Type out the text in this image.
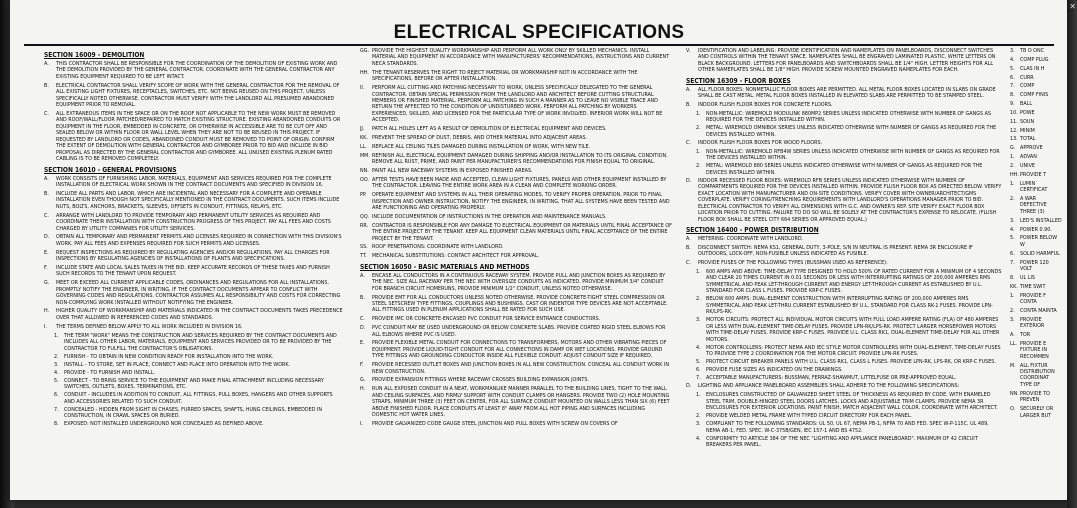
ELECTRICAL SPECIFICATIONS
SECTION 16009 - DEMOLITION
A.	THIS CONTRACTOR SHALL BE RESPONSIBLE FOR THE COORDINATION OF THE DEMOLITION OF EXISTING WORK AND THE DEMOLITION PROVIDED BY THE GENERAL CONTRACTOR. COORDINATE WITH THE GENERAL CONTRACTOR ANY EXISTING EQUIPMENT REQUIRED TO BE LEFT INTACT.
B.	ELECTRICAL CONTRACTOR SHALL VERIFY SCOPE OF WORK WITH THE GENERAL CONTRACTOR FOR THE REMOVAL OF ALL EXISTING LIGHT FIXTURES, RECEPTACLES, SWITCHES, ETC. NOT BEING REUSED ON THIS PROJECT, UNLESS SPECIFICALLY NOTED OTHERWISE. CONTRACTOR MUST VERIFY WITH THE LANDLORD ALL PRESUMED ABANDONED EQUIPMENT PRIOR TO REMOVAL.
C.	ALL EXTRANEOUS ITEMS IN THE SPACE OR ON THE ROOF NOT APPLICABLE TO THE NEW WORK MUST BE REMOVED AND ROOF/WALL/FLOOR PATCHED/REPAIRED TO MATCH EXISTING STRUCTURE. EXISTING ABANDONED CONDUITS OR EQUIPMENT IN THE FLOOR, EMBEDDED IN CONCRETE, OR OTHERWISE IN ACCESSIBLE ARE TO BE CUT OFF AND SEALED BELOW OR WITHIN FLOOR OR WALL LEVEL WHEN THEY ARE NOT TO BE REUSED IN THIS PROJECT. IF REQUESTED BY LANDLORD OR CODES, ABANDONED CONDUIT MUST BE REMOVED TO POINT OF ORIGIN. CONFIRM THE EXTENT OF DEMOLITION WITH GENERAL CONTRACTOR AND GYMBOREE PRIOR TO BID AND INCLUDE IN BID PROPOSAL AS DIRECTED BY THE GENERAL CONTRACTOR AND GYMBOREE. ALL UNUSED EXISTING PLENUM RATED CABLING IS TO BE REMOVED COMPLETELY.
SECTION 16010 - GENERAL PROVISIONS
A.	WORK CONSISTS OF FURNISHING LABOR, MATERIALS, EQUIPMENT AND SERVICES REQUIRED FOR THE COMPLETE INSTALLATION OF ELECTRICAL WORK SHOWN IN THE CONTRACT DOCUMENTS AND SPECIFIED IN DIVISION 16.
B.	INCLUDE ALL PARTS AND LABOR, WHICH ARE INCIDENTAL AND NECESSARY FOR A COMPLETE AND OPERABLE INSTALLATION EVEN THOUGH NOT SPECIFICALLY MENTIONED IN THE CONTRACT DOCUMENTS. SUCH ITEMS INCLUDE NUTS, BOLTS, ANCHORS, BRACKETS, SLEEVES, OFFSETS IN CONDUIT, FITTINGS, RELAYS, ETC.
C.	ARRANGE WITH LANDLORD TO PROVIDE TEMPORARY AND PERMANENT UTILITY SERVICES AS REQUIRED AND COORDINATE THEIR INSTALLATION WITH CONSTRUCTION PROGRESS OF THIS PROJECT. PAY ALL FEES AND COSTS CHARGED BY UTILITY COMPANIES FOR UTILITY SERVICES.
D.	OBTAIN ALL TEMPORARY AND PERMANENT PERMITS AND LICENSES REQUIRED IN CONNECTION WITH THIS DIVISION'S WORK. PAY ALL FEES AND EXPENSES REQUIRED FOR SUCH PERMITS AND LICENSES.
E.	REQUEST INSPECTIONS AS REQUIRED BY REGULATING AGENCIES AND/OR REGULATIONS. PAY ALL CHARGES FOR INSPECTIONS BY REGULATING AGENCIES OF INSTALLATIONS OF PLANTS AND SPECIFICATIONS.
F.	INCLUDE STATE AND LOCAL SALES TAXES IN THE BID. KEEP ACCURATE RECORDS OF THESE TAXES AND FURNISH SUCH RECORDS TO THE TENANT UPON REQUEST.
G.	MEET OR EXCEED ALL CURRENT APPLICABLE CODES, ORDINANCES AND REGULATIONS FOR ALL INSTALLATIONS. PROMPTLY NOTIFY THE ENGINEER, IN WRITING, IF THE CONTRACT DOCUMENTS APPEAR TO CONFLICT WITH GOVERNING CODES AND REGULATIONS. CONTRACTOR ASSUMES ALL RESPONSIBILITY AND COSTS FOR CORRECTING NON-COMPLYING WORK INSTALLED WITHOUT NOTIFYING THE ENGINEER.
H.	HIGHER QUALITY OF WORKMANSHIP AND MATERIALS INDICATED IN THE CONTRACT DOCUMENTS TAKES PRECEDENCE OVER THAT ALLOWED IN REFERENCED CODES AND STANDARDS.
I.	THE TERMS DEFINED BELOW APPLY TO ALL WORK INCLUDED IN DIVISION 16.
1. THE TERM "WORK" MEANS THE CONSTRUCTION AND SERVICES REQUIRED BY THE CONTRACT DOCUMENTS AND INCLUDES ALL OTHER LABOR, MATERIALS, EQUIPMENT AND SERVICES PROVIDED OR TO BE PROVIDED BY THE CONTRACTOR TO FULFILL THE CONTRACTOR'S OBLIGATIONS.
2. FURNISH - TO OBTAIN IN NEW CONDITION READY FOR INSTALLATION INTO THE WORK.
3. INSTALL - TO STORE, SET IN PLACE, CONNECT AND PLACE INTO OPERATION INTO THE WORK.
4. PROVIDE - TO FURNISH AND INSTALL.
5. CONNECT - TO BRING SERVICE TO THE EQUIPMENT AND MAKE FINAL ATTACHMENT INCLUDING NECESSARY SWITCHES, OUTLETS, BOXES, TERMINATIONS, ETC.
6. CONDUIT - INCLUDES IN ADDITION TO CONDUIT, ALL FITTINGS, PULL BOXES, HANGERS AND OTHER SUPPORTS AND ACCESSORIES RELATED TO SUCH CONDUIT.
7. CONCEALED - HIDDEN FROM SIGHT IN CHASES, FURRED SPACES, SHAFTS, HUNG CEILINGS, EMBEDDED IN CONSTRUCTION, IN CRAWL SPACES OR BURIED.
8. EXPOSED: NOT INSTALLED UNDERGROUND NOR CONCEALED AS DEFINED ABOVE.
GG. PROVIDE THE HIGHEST QUALITY WORKMANSHIP AND PERFORM ALL WORK ONLY BY SKILLED MECHANICS. INSTALL MATERIAL AND EQUIPMENT IN ACCORDANCE WITH MANUFACTURERS' RECOMMENDATIONS, INSTRUCTIONS AND CURRENT NECA STANDARDS.
HH. THE TENANT RESERVES THE RIGHT TO REJECT MATERIAL OR WORKMANSHIP NOT IN ACCORDANCE WITH THE SPECIFICATIONS, BEFORE OR AFTER INSTALLATION.
II.	PERFORM ALL CUTTING AND PATCHING NECESSARY TO WORK, UNLESS SPECIFICALLY DELEGATED TO THE GENERAL CONTRACTOR. OBTAIN SPECIAL PERMISSION FROM THE LANDLORD AND ARCHITECT BEFORE CUTTING STRUCTURAL MEMBERS OR FINISHED MATERIAL. PERFORM ALL PATCHING IN SUCH A MANNER AS TO LEAVE NO VISIBLE TRACE AND RETURN THE AFFECTED TO THE CONDITION OF UNDISTURBED WORK. PERFORM ALL PATCHING BY WORKERS EXPERIENCED, SKILLED, AND LICENSED FOR THE PARTICULAR TYPE OF WORK INVOLVED. INFERIOR WORK WILL NOT BE ACCEPTED.
JJ.	PATCH ALL HOLES LEFT AS A RESULT OF DEMOLITION OF ELECTRICAL EQUIPMENT AND DEVICES.
KK. PREVENT THE SPREAD OF DUST, DEBRIS, AND OTHER MATERIAL INTO ADJACENT AREAS.
LL. REPLACE ALL CEILING TILES DAMAGED DURING INSTALLATION OF WORK, WITH NEW TILE.
MM. REFINISH ALL ELECTRICAL EQUIPMENT DAMAGED DURING SHIPPING AND/OR INSTALLATION TO ITS ORIGINAL CONDITION. REMOVE ALL RUST, PRIME, AND PAINT PER MANUFACTURER'S RECOMMENDATIONS FOR FINISH EQUAL TO ORIGINAL.
NN. PAINT ALL NEW RACEWAY SYSTEMS IN EXPOSED FINISHED AREAS.
OO. AFTER TESTS HAVE BEEN MADE AND ACCEPTED, CLEAN LIGHT FIXTURES, PANELS AND OTHER EQUIPMENT INSTALLED BY THE CONTRACTOR. LEAVING THE ENTIRE WORK AREA IN A CLEAN AND COMPLETE WORKING ORDER.
PP.	OPERATE EQUIPMENT AND SYSTEMS IN ALL THEIR OPERATING MODES, TO VERIFY PROPER OPERATION. PRIOR TO FINAL INSPECTION AND OWNER INSTRUCTION, NOTIFY THE ENGINEER, IN WRITING, THAT ALL SYSTEMS HAVE BEEN TESTED AND ARE FUNCTIONING AND OPERATING PROPERLY.
QQ. INCLUDE DOCUMENTATION OF INSTRUCTIONS IN THE OPERATION AND MAINTENANCE MANUALS.
RR. CONTRACTOR IS RESPONSIBLE FOR ANY DAMAGE TO ELECTRICAL EQUIPMENT OR MATERIALS UNTIL FINAL ACCEPTANCE OF THE ENTIRE PROJECT BY THE TENANT. KEEP ALL EQUIPMENT CLEAN MATERIALS UNTIL FINAL ACCEPTANCE OF THE ENTIRE PROJECT BY THE TENANT.
SS. ROOF PENETRATIONS: COORDINATE WITH LANDLORD.
TT. MECHANICAL SUBSTITUTIONS: CONTACT ARCHITECT FOR APPROVAL.
SECTION 16050 - BASIC MATERIALS AND METHODS
A.	ENCASE ALL CONDUCTORS IN A CONTINUOUS RACEWAY SYSTEM. PROVIDE PULL AND JUNCTION BOXES AS REQUIRED BY THE NEC. SIZE ALL RACEWAY PER THE NEC WITH OVERSIZE CONDUITS AS INDICATED. PROVIDE MINIMUM 3/4" CONDUIT FOR BRANCH CIRCUIT HOMERUNS, PROVIDE MINIMUM 1/2" CONDUIT, UNLESS NOTED OTHERWISE.
B.	PROVIDE EMT FOR ALL CONDUCTORS UNLESS NOTED OTHERWISE. PROVIDE CONCRETE-TIGHT STEEL COMPRESSION OR STEEL SETSCREW TYPE FITTINGS, COUPLINGS AND BUSHINGS. CAST OR INDENTOR TYPE DEVICES ARE NOT ACCEPTABLE. ALL FITTINGS USED IN PLENUM APPLICATIONS SHALL BE RATED FOR SUCH USE.
C.	PROVIDE IMC OR CONCRETE-ENCASED PVC CONDUIT FOR SERVICE ENTRANCE CONDUCTORS.
D.	PVC CONDUIT MAY BE USED UNDERGROUND OR BELOW CONCRETE SLABS. PROVIDE COATED RIGID STEEL ELBOWS FOR ALL ELBOWS WHERE PVC IS USED.
E.	PROVIDE FLEXIBLE METAL CONDUIT FOR CONNECTIONS TO TRANSFORMERS, MOTORS AND OTHER VIBRATING PIECES OF EQUIPMENT. PROVIDE LIQUID-TIGHT CONDUIT FOR ALL CONNECTIONS IN DAMP OR WET LOCATIONS. PROVIDE GROUND TYPE FITTINGS AND GROUNDING CONDUCTOR INSIDE ALL FLEXIBLE CONDUIT. ADJUST CONDUIT SIZE IF REQUIRED.
F.	PROVIDE RECESSED OUTLET BOXES AND JUNCTION BOXES IN ALL NEW CONSTRUCTION. CONCEAL ALL CONDUIT WORK IN NEW CONSTRUCTION.
G.	PROVIDE EXPANSION FITTINGS WHERE RACEWAY CROSSES BUILDING EXPANSION JOINTS.
H.	RUN ALL EXPOSED CONDUIT IN A NEAT, WORKMANLIKE MANNER PARALLEL TO THE BUILDING LINES, TIGHT TO THE WALL AND CEILING SURFACES, AND FIRMLY SUPPORT WITH CONDUIT CLAMPS OR HANGERS. PROVIDE TWO (2) HOLE MOUNTING STRAPS, MINIMUM THREE (3) FEET ON CENTER, FOR ALL SURFACE CONDUIT MOUNTED ON WALLS LESS THAN SIX (6) FEET ABOVE FINISHED FLOOR. PLACE CONDUITS AT LEAST 8" AWAY FROM ALL HOT PIPING AND SURFACES INCLUDING DOMESTIC HOT WATER LINES.
I.	PROVIDE GALVANIZED CODE GAUGE STEEL JUNCTION AND PULL BOXES WITH SCREW ON COVERS OF
V.	IDENTIFICATION AND LABELING: PROVIDE IDENTIFICATION AND NAMEPLATES ON PANELBOARDS, DISCONNECT SWITCHES AND CONTROLS WITHIN THE TENANT SPACE. NAMEPLATES SHALL BE ENGRAVED LAMINATED PLASTIC, WHITE LETTERS ON BLACK BACKGROUND. LETTERS FOR PANELBOARDS AND SWITCHBOARDS SHALL BE 1/4" HIGH. LETTER HEIGHTS FOR ALL OTHER NAMEPLATES SHALL BE 1/8" HIGH. PROVIDE SCREW MOUNTED ENGRAVED NAMEPLATES FOR EACH.
SECTION 16309 - FLOOR BOXES
A.	ALL FLOOR BOXES: NONMETALLIC FLOOR BOXES ARE PERMITTED. ALL METAL FLOOR BOXES LOCATED IN SLABS ON GRADE SHALL BE CAST METAL. METAL FLOOR BOXES INSTALLED IN ELEVATED SLABS ARE PERMITTED TO BE STAMPED STEEL.
B.	INDOOR FLUSH FLOOR BOXES FOR CONCRETE FLOORS.
1. NON-METALLIC: WIREMOLD MODULINK 880MP2 SERIES UNLESS INDICATED OTHERWISE WITH NUMBER OF GANGS AS REQUIRED FOR THE DEVICES INSTALLED WITHIN.
2. METAL: WIREMOLD OMNIBOX SERIES UNLESS INDICATED OTHERWISE WITH NUMBER OF GANGS AS REQUIRED FOR THE DEVICES INSTALLED WITHIN.
C.	INDOOR FLUSH FLOOR BOXES FOR WOOD FLOORS.
1. NON-METALLIC: WIREMOLD RFB4W SERIES UNLESS INDICATED OTHERWISE WITH NUMBER OF GANGS AS REQUIRED FOR THE DEVICES INSTALLED WITHIN.
2. METAL: WIREMOLD 880 SERIES UNLESS INDICATED OTHERWISE WITH NUMBER OF GANGS AS REQUIRED FOR THE DEVICES INSTALLED WITHIN.
D.	INDOOR RECESSED FLOOR BOXES: WIREMOLD RFB SERIES UNLESS INDICATED OTHERWISE WITH NUMBER OF COMPARTMENTS REQUIRED FOR THE DEVICES INSTALLED WITHIN. PROVIDE FLUSH FLOOR BOX AS DIRECTED BELOW. VERIFY EXACT LOCATION WITH MANUFACTURER AND ON-SITE CONDITIONS. VERIFY COVER WITH OWNER/ARCHITECT/GMS COVERPLATE. VERIFY CORING/TRENCHING REQUIREMENTS WITH LANDLORD'S OPERATIONS MANAGER PRIOR TO BID. ELECTRICAL CONTRACTOR TO VERIFY ALL DIMENSIONS WITH G.C. AND OWNER'S REP. SITE VERIFY EXACT FLOOR BOX LOCATION PRIOR TO CUTTING. FAILURE TO DO SO WILL BE SOLELY AT THE CONTRACTOR'S EXPENSE TO RELOCATE. (FLUSH FLOOR BOX SHALL BE STEEL CITY 664 SERIES OR APPROVED EQUAL.)
SECTION 16400 - POWER DISTRIBUTION
A.	METERING: COORDINATE WITH LANDLORD.
B.	DISCONNECT SWITCH: NEMA KS1, GENERAL DUTY, 3-POLE, S/N IN NEUTRAL IS PRESENT. NEMA 3R ENCLOSURE IF OUTDOORS, LOCK-OFF, NON-FUSIBLE UNLESS INDICATED AS FUSIBLE.
C.	PROVIDE FUSES OF THE FOLLOWING TYPES (BUSSMAN USED AS REFERENCE):
1. 600 AMPS AND ABOVE: TIME-DELAY TYPE DESIGNED TO HOLD 500% OF RATED CURRENT FOR A MINIMUM OF 4 SECONDS AND CLEAR 20 TIMES CURRENT IN 0.01 SECONDS OR LESS WITH INTERRUPTING RATINGS OF 200,000 AMPERES RMS SYMMETRICAL AND PEAK LET-THROUGH CURRENT AND ENERGY LET-THROUGH CURRENT AS ESTABLISHED BY U.L. STANDARD FOR CLASS L FUSES. PROVIDE KRP-C FUSES.
2. BELOW 600 AMPS: DUAL-ELEMENT CONSTRUCTION WITH INTERRUPTING RATING OF 200,000 AMPERES RMS SYMMETRICAL AND PEAK LET-THRU CURRENT ESTABLISHED BY U.L. STANDARD FOR CLASS RK-1 FUSES. PROVIDE LPN-RK/LPS-RK.
3. MOTOR CIRCUITS: PROTECT ALL INDIVIDUAL MOTOR CIRCUITS WITH FULL LOAD AMPERE RATING (FLA) OF 480 AMPERES OR LESS WITH DUAL-ELEMENT TIME-DELAY FUSES. PROVIDE LPN-RK/LPS-RK. PROTECT LARGER HORSEPOWER MOTORS WITH TIME-DELAY FUSES. PROVIDE KRP-C FUSES. PROVIDE U.L. CLASS RK1, DUAL-ELEMENT TIME-DELAY FOR ALL OTHER MOTORS.
4. MOTOR CONTROLLERS: PROTECT NEMA AND IEC STYLE MOTOR CONTROLLERS WITH DUAL-ELEMENT, TIME-DELAY FUSES TO PROVIDE TYPE 2 COORDINATION FOR THE MOTOR CIRCUIT. PROVIDE LPN-RK FUSES.
5. PROTECT CIRCUIT BREAKER PANELS WITH U.L. CLASS RK1, CLASS L FUSES. PROVIDE LPN-RK, LPS-RK, OR KRP-C FUSES.
6. PROVIDE FUSE SIZES AS INDICATED ON THE DRAWINGS.
7. ACCEPTABLE MANUFACTURERS: BUSSMAN, FERRAZ-SHAWMUT, LITTELFUSE OR PRE-APPROVED EQUAL.
D.	LIGHTING AND APPLIANCE PANELBOARD ASSEMBLIES SHALL ADHERE TO THE FOLLOWING SPECIFICATIONS:
1. ENCLOSURES CONSTRUCTED OF GALVANIZED SHEET STEEL OF THICKNESS AS REQUIRED BY CODE, WITH ENAMELED STEEL TRIM, DOUBLE-HINGED STEEL DOORS LATCHES, LOCKS AND ADJUSTABLE TRIM CLAMPS. PROVIDE NEMA 3R ENCLOSURES FOR EXTERIOR LOCATIONS. PAINT FINISH, MATCH ADJACENT WALL COLOR. COORDINATE WITH ARCHITECT.
2. PROVIDE WELDED METAL FRAME WITH TYPED CIRCUIT DIRECTORY FOR EACH PANEL.
3. COMPLIANT TO THE FOLLOWING STANDARDS: UL 50, UL 67, NEMA PB-1, NFPA 70 AND FED. SPEC W-P-115C, UL 489, NEMA AB-1, FED. SPEC. W-C-375B/GEN, IEC 157-1 AND BS 4752.
4. CONFORMITY TO ARTICLE 384 OF THE NEC "LIGHTING AND APPLIANCE PANELBOARD". MAXIMUM OF 42 CIRCUIT BREAKERS PER PANEL.
3. TB O ONC
4. COMP PLUG
5. CLAS IN H
6. CURR
7. COMP
8. COMP FINIS
9. BALL
10. POWE
11. SOUN
12. MINIM
13. TOTAL
G. APPROVE
1. ADVAN
2. UNIVE
HH. PROVIDE T
1. LUMIN CERTIFICAT
2. A WAR DEFECTIVE THREE (3)
3. LED'S INSTALLED
4. POWER 0.90.
5. POWER BELOW W
6. SOLID HARMFUL
7. POWER 120 VOLT
8. UL LIS
KK. TIME SWIT
1. PROVIDE F CONTA
2. CONTA MAINTA
3. PROVIDE EXTERIOR
A. TOR
LL. PROVIDE E FIXTURE IN RECOMMEN
M. ALL FIXTUR DISTRIBUTION COORDINAT TYPE OF
NN. PROVIDE TO PREVEN
O. SECURELY OR LARGER BUT
✕
